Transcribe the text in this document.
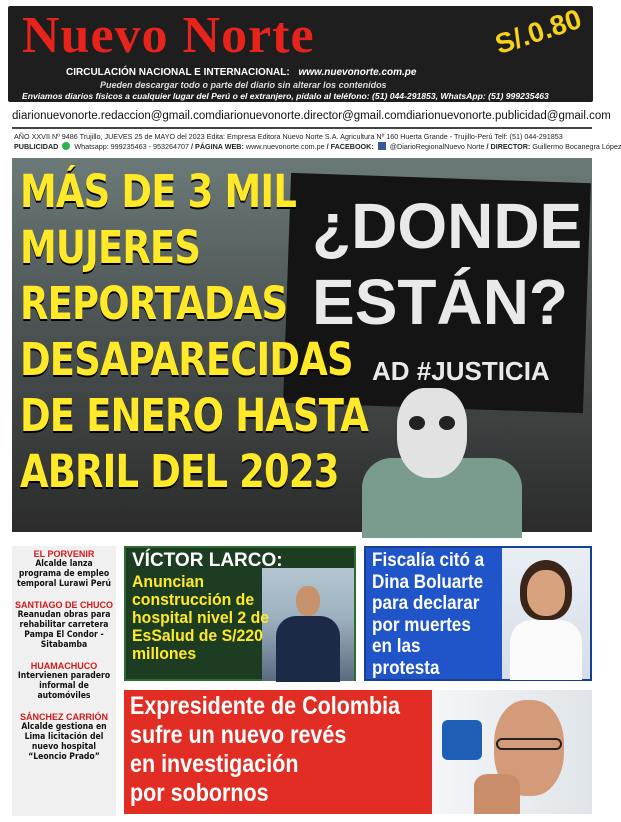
Nuevo Norte	S/.0.80
CIRCULACIÓN NACIONAL E INTERNACIONAL: www.nuevonorte.com.pe
Pueden descargar todo o parte del diario sin alterar los contenidos
Enviamos diarios físicos a cualquier lugar del Perú o el extranjero, pídalo al teléfono: (51) 044-291853, WhatsApp: (51) 999235463
diarionuevonorte.redaccion@gmail.com diarionuevonorte.director@gmail.com diarionuevonorte.publicidad@gmail.com
AÑO XXVII Nº 9486 Trujillo, JUEVES 25 de MAYO del 2023 Edita: Empresa Editora Nuevo Norte S.A. Agricultura Nº 160 Huerta Grande - Trujillo-Perú Telf: (51) 044-291853
PUBLICIDAD Whatsapp: 999235463 - 953264707 / PÁGINA WEB: www.nuevonorte.com.pe / FACEBOOK: @DiarioRegionalNuevo Norte / DIRECTOR: Guillermo Bocanegra López
¿DONDE ESTÁN?
AD #JUSTICIA
MÁS DE 3 MIL
MUJERES
REPORTADAS
DESAPARECIDAS
DE ENERO HASTA
ABRIL DEL 2023
EL PORVENIR
Alcalde lanza programa de empleo temporal Lurawi Perú
SANTIAGO DE CHUCO
Reanudan obras para rehabilitar carretera Pampa El Condor - Sitabamba
HUAMACHUCO
Intervienen paradero informal de automóviles
SÁNCHEZ CARRIÓN
Alcalde gestiona en Lima licitación del nuevo hospital “Leoncio Prado”
VÍCTOR LARCO:
Anuncian construcción de hospital nivel 2 de EsSalud de S/220 millones
Fiscalía citó a Dina Boluarte para declarar por muertes en las protesta
Expresidente de Colombia
sufre un nuevo revés
en investigación
por sobornos
